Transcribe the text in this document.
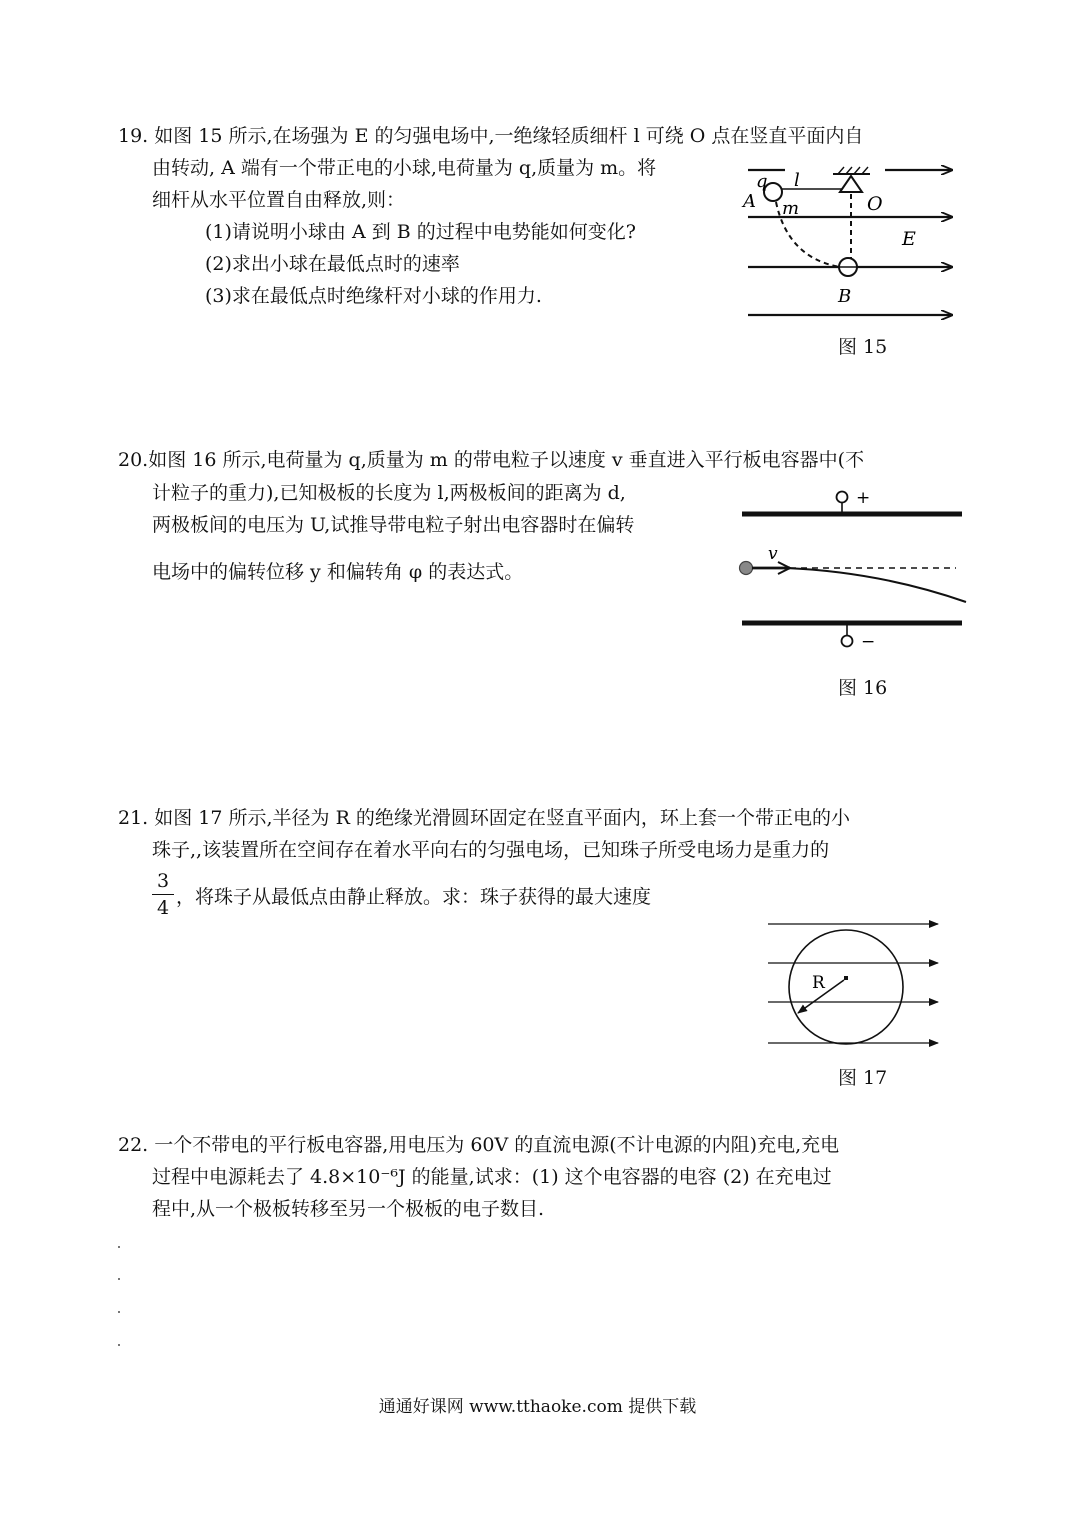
19. 如图 15 所示,在场强为 E 的匀强电场中,一绝缘轻质细杆 l 可绕 O 点在竖直平面内自
由转动, A 端有一个带正电的小球,电荷量为 q,质量为 m。将
细杆从水平位置自由释放,则：
(1)请说明小球由 A 到 B 的过程中电势能如何变化?
(2)求出小球在最低点时的速率
(3)求在最低点时绝缘杆对小球的作用力.
q l
A m	O
E
B
图 15
20.如图 16 所示,电荷量为 q,质量为 m 的带电粒子以速度 v 垂直进入平行板电容器中(不
计粒子的重力),已知极板的长度为 l,两极板间的距离为 d,
两极板间的电压为 U,试推导带电粒子射出电容器时在偏转
电场中的偏转位移 y 和偏转角 φ 的表达式。
+
−
v
图 16
21. 如图 17 所示,半径为 R 的绝缘光滑圆环固定在竖直平面内，环上套一个带正电的小
珠子,,该装置所在空间存在着水平向右的匀强电场，已知珠子所受电场力是重力的
3
4 ，将珠子从最低点由静止释放。求：珠子获得的最大速度
R
图 17
22. 一个不带电的平行板电容器,用电压为 60V 的直流电源(不计电源的内阻)充电,充电
过程中电源耗去了 4.8×10⁻⁶J 的能量,试求：(1) 这个电容器的电容 (2) 在充电过
程中,从一个极板转移至另一个极板的电子数目.
通通好课网 www.tthaoke.com 提供下载
